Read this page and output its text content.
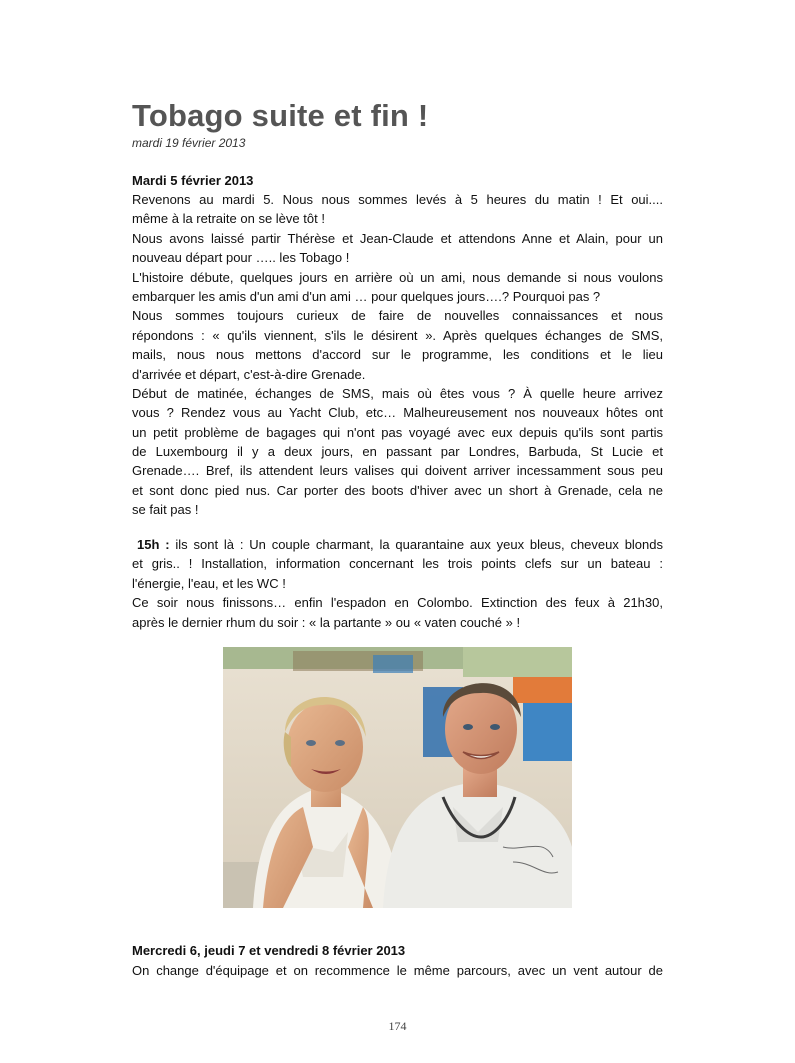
Tobago suite et fin !
mardi 19 février 2013
Mardi 5 février 2013
Revenons au mardi 5. Nous nous sommes levés à 5 heures du matin ! Et oui....
même à la retraite on se lève tôt !
Nous avons laissé partir Thérèse et Jean-Claude et attendons Anne et Alain, pour un
nouveau départ pour ….. les Tobago !
L'histoire débute, quelques jours en arrière où un ami, nous demande si nous voulons
embarquer les amis d'un ami d'un ami … pour quelques jours….? Pourquoi pas ?
Nous sommes toujours curieux de faire de nouvelles connaissances et nous
répondons : « qu'ils viennent, s'ils le désirent ». Après quelques échanges de SMS,
mails, nous nous mettons d'accord sur le programme, les conditions et le lieu
d'arrivée et départ, c'est-à-dire Grenade.
Début de matinée, échanges de SMS, mais où êtes vous ? À quelle heure arrivez
vous ? Rendez vous au Yacht Club, etc… Malheureusement nos nouveaux hôtes ont
un petit problème de bagages qui n'ont pas voyagé avec eux depuis qu'ils sont partis
de Luxembourg il y a deux jours, en passant par Londres, Barbuda, St Lucie et
Grenade…. Bref, ils attendent leurs valises qui doivent arriver incessamment sous peu
et sont donc pied nus. Car porter des boots d'hiver avec un short à Grenade, cela ne
se fait pas !
15h : ils sont là : Un couple charmant, la quarantaine aux yeux bleus, cheveux blonds
et gris.. ! Installation, information concernant les trois points clefs sur un bateau :
l'énergie, l'eau, et les WC !
Ce soir nous finissons… enfin l'espadon en Colombo. Extinction des feux à 21h30,
après le dernier rhum du soir : « la partante » ou « vaten couché » !
Mercredi 6, jeudi 7 et vendredi 8 février 2013
On change d'équipage et on recommence le même parcours, avec un vent autour de
174
